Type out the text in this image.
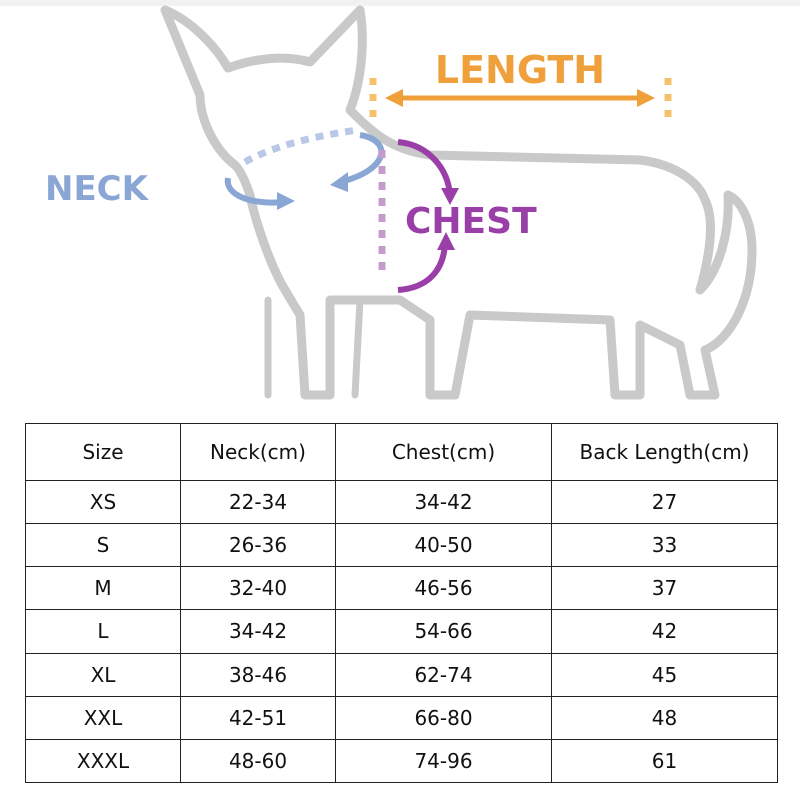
LENGTH
NECK
CHEST
Size	Neck(cm)	Chest(cm)	Back Length(cm)
XS	22-34	34-42	27
S	26-36	40-50	33
M	32-40	46-56	37
L	34-42	54-66	42
XL	38-46	62-74	45
XXL	42-51	66-80	48
XXXL	48-60	74-96	61
